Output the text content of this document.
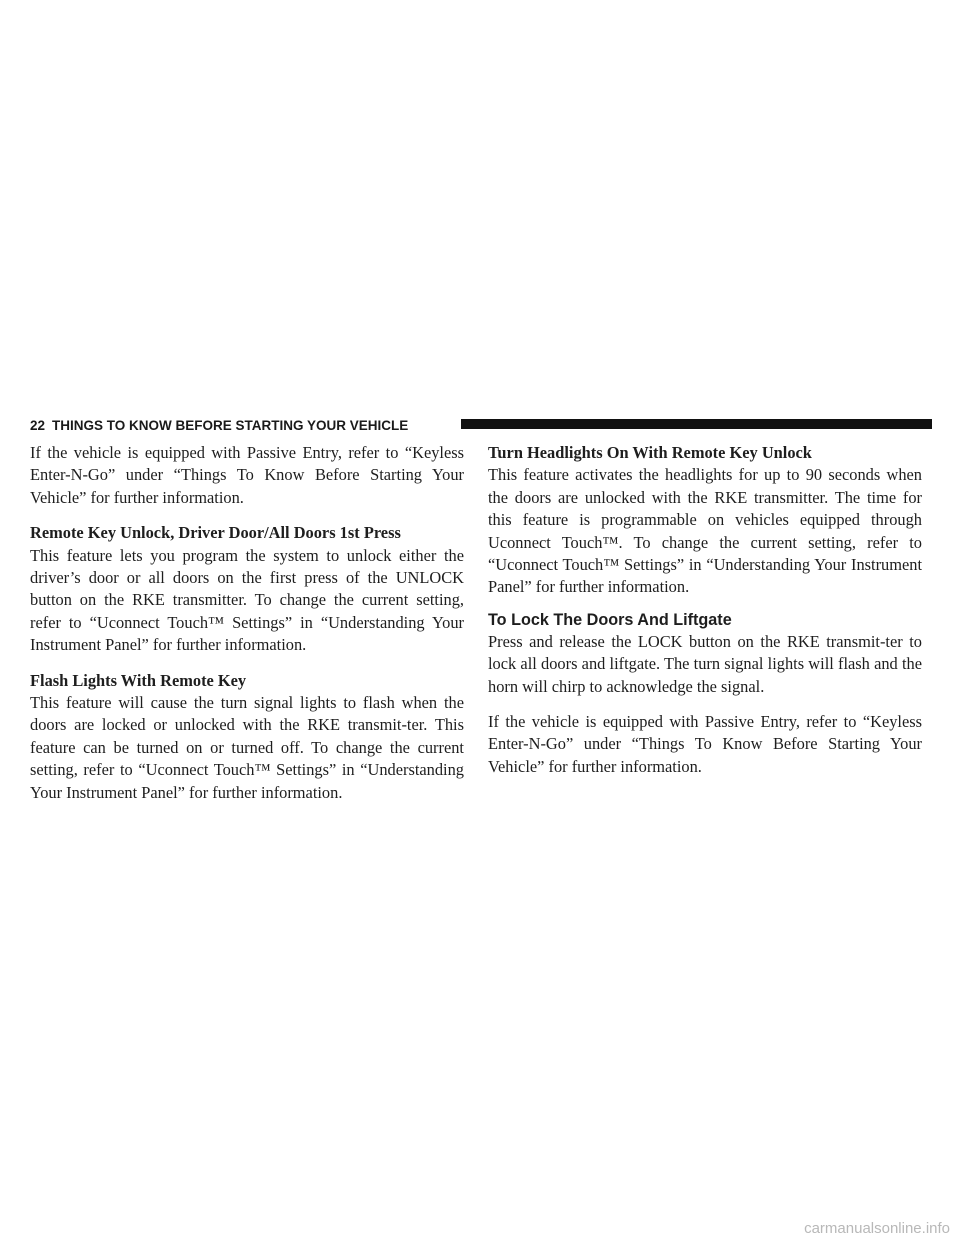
22 THINGS TO KNOW BEFORE STARTING YOUR VEHICLE

If the vehicle is equipped with Passive Entry, refer to “Keyless Enter-N-Go” under “Things To Know Before Starting Your Vehicle” for further information.

Remote Key Unlock, Driver Door/All Doors 1st Press

This feature lets you program the system to unlock either the driver’s door or all doors on the first press of the UNLOCK button on the RKE transmitter. To change the current setting, refer to “Uconnect Touch™ Settings” in “Understanding Your Instrument Panel” for further information.

Flash Lights With Remote Key

This feature will cause the turn signal lights to flash when the doors are locked or unlocked with the RKE transmit-ter. This feature can be turned on or turned off. To change the current setting, refer to “Uconnect Touch™ Settings” in “Understanding Your Instrument Panel” for further information.

Turn Headlights On With Remote Key Unlock

This feature activates the headlights for up to 90 seconds when the doors are unlocked with the RKE transmitter. The time for this feature is programmable on vehicles equipped through Uconnect Touch™. To change the current setting, refer to “Uconnect Touch™ Settings” in “Understanding Your Instrument Panel” for further information.

To Lock The Doors And Liftgate

Press and release the LOCK button on the RKE transmit-ter to lock all doors and liftgate. The turn signal lights will flash and the horn will chirp to acknowledge the signal.

If the vehicle is equipped with Passive Entry, refer to “Keyless Enter-N-Go” under “Things To Know Before Starting Your Vehicle” for further information.

carmanualsonline.info
